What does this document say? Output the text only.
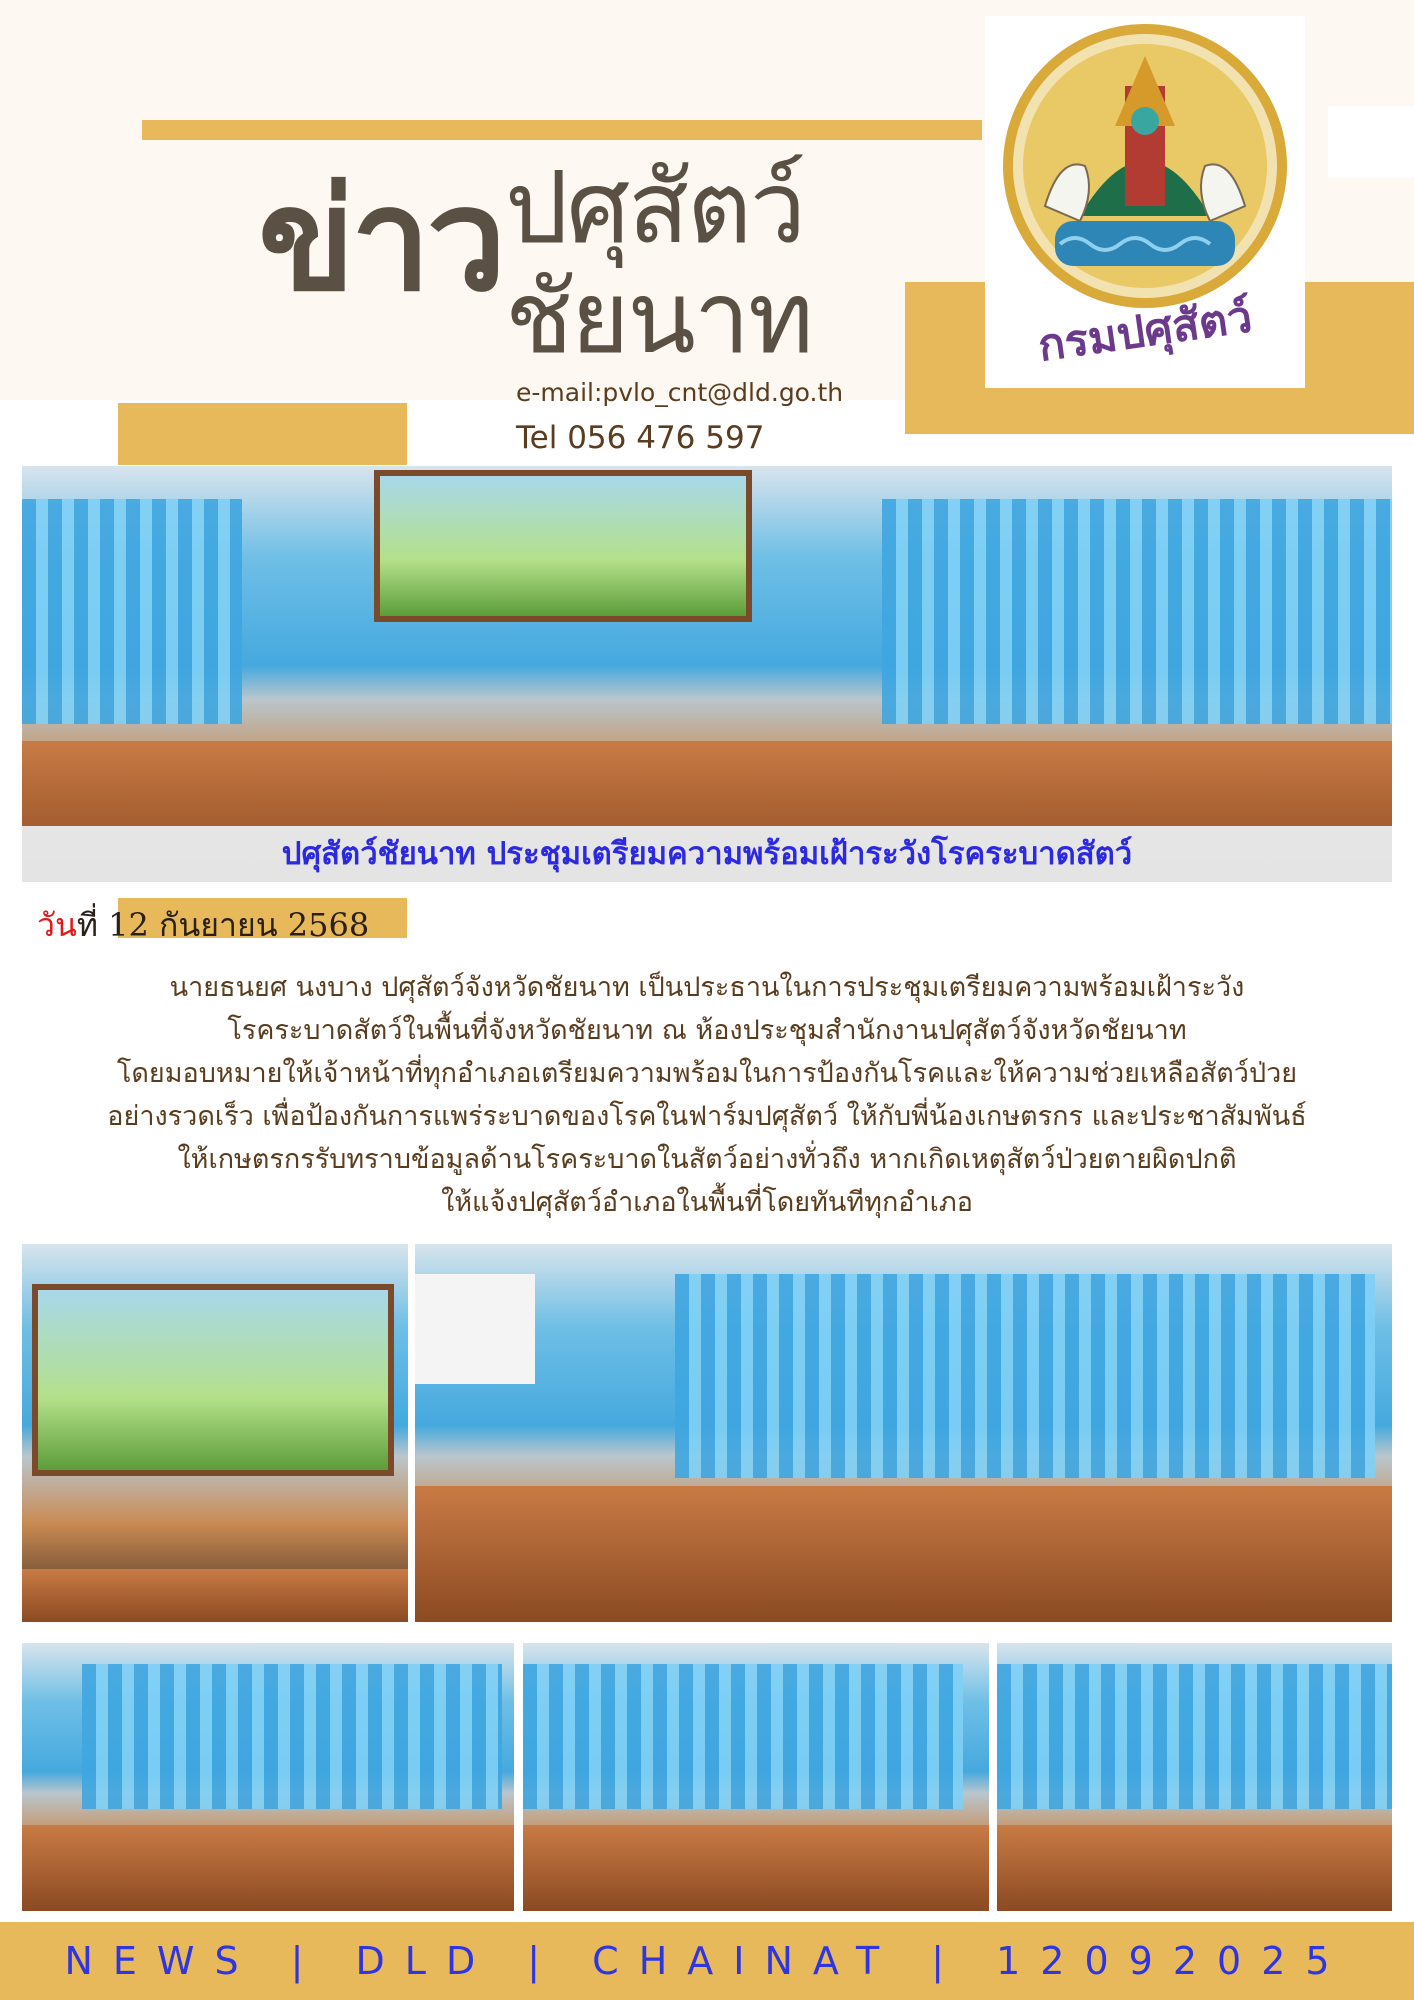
กรมปศุสัตว์
ข่าว ปศุสัตว์
ชัยนาท
e-mail:pvlo_cnt@dld.go.th
Tel 056 476 597
ปศุสัตว์ชัยนาท ประชุมเตรียมความพร้อมเฝ้าระวังโรคระบาดสัตว์
วันที่ 12 กันยายน 2568
นายธนยศ นงบาง ปศุสัตว์จังหวัดชัยนาท เป็นประธานในการประชุมเตรียมความพร้อมเฝ้าระวัง
โรคระบาดสัตว์ในพื้นที่จังหวัดชัยนาท ณ ห้องประชุมสำนักงานปศุสัตว์จังหวัดชัยนาท
โดยมอบหมายให้เจ้าหน้าที่ทุกอำเภอเตรียมความพร้อมในการป้องกันโรคและให้ความช่วยเหลือสัตว์ป่วย
อย่างรวดเร็ว เพื่อป้องกันการแพร่ระบาดของโรคในฟาร์มปศุสัตว์ ให้กับพี่น้องเกษตรกร และประชาสัมพันธ์
ให้เกษตรกรรับทราบข้อมูลด้านโรคระบาดในสัตว์อย่างทั่วถึง หากเกิดเหตุสัตว์ป่วยตายผิดปกติ
ให้แจ้งปศุสัตว์อำเภอในพื้นที่โดยทันทีทุกอำเภอ
NEWS | DLD | CHAINAT | 12092025
